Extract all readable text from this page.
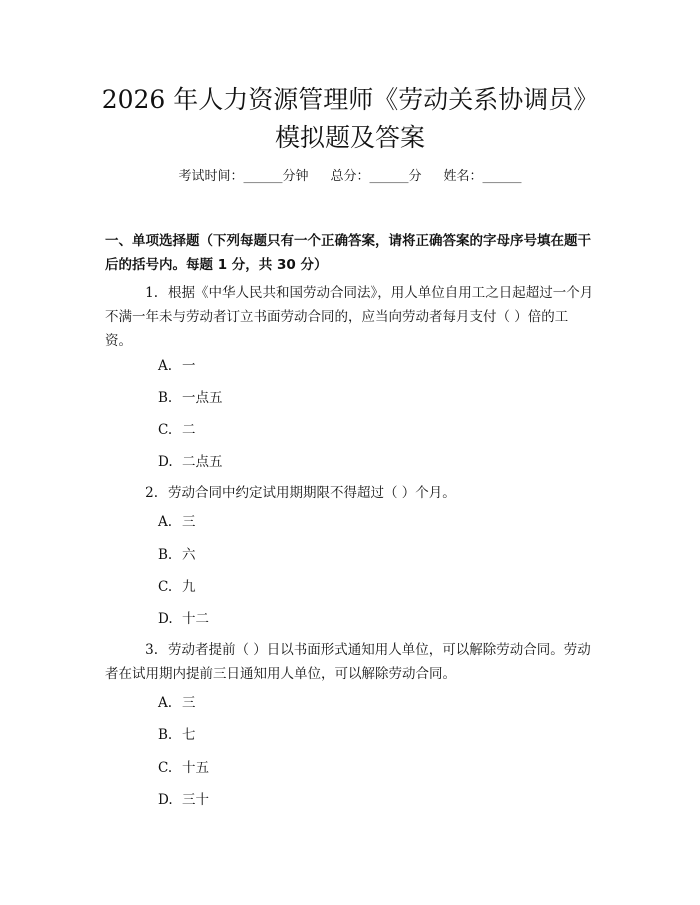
2026 年人力资源管理师《劳动关系协调员》
模拟题及答案
考试时间：______分钟 总分：______分 姓名：______
一、单项选择题（下列每题只有一个正确答案，请将正确答案的字母序号填在题干后的括号内。每题 1 分，共 30 分）
1. 根据《中华人民共和国劳动合同法》，用人单位自用工之日起超过一个月不满一年未与劳动者订立书面劳动合同的，应当向劳动者每月支付（ ）倍的工资。
A. 一
B. 一点五
C. 二
D. 二点五
2. 劳动合同中约定试用期期限不得超过（ ）个月。
A. 三
B. 六
C. 九
D. 十二
3. 劳动者提前（ ）日以书面形式通知用人单位，可以解除劳动合同。劳动者在试用期内提前三日通知用人单位，可以解除劳动合同。
A. 三
B. 七
C. 十五
D. 三十
